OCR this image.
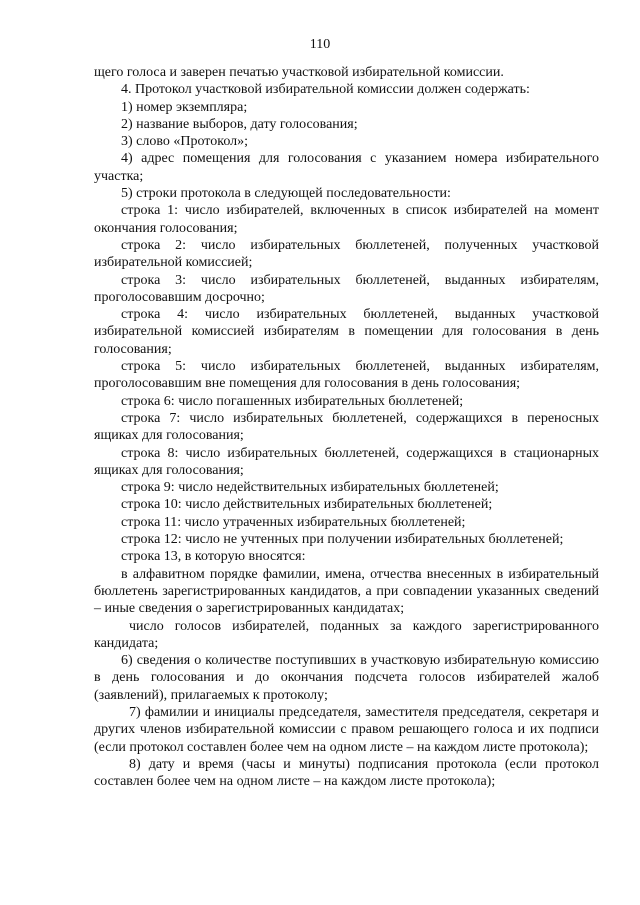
110

щего голоса и заверен печатью участковой избирательной комиссии.

4. Протокол участковой избирательной комиссии должен содержать:

1) номер экземпляра;

2) название выборов, дату голосования;

3) слово «Протокол»;

4) адрес помещения для голосования с указанием номера избирательного участка;

5) строки протокола в следующей последовательности:

строка 1: число избирателей, включенных в список избирателей на момент окончания голосования;

строка 2: число избирательных бюллетеней, полученных участковой избирательной комиссией;

строка 3: число избирательных бюллетеней, выданных избирателям, проголосовавшим досрочно;

строка 4: число избирательных бюллетеней, выданных участковой избирательной комиссией избирателям в помещении для голосования в день голосования;

строка 5: число избирательных бюллетеней, выданных избирателям, проголосовавшим вне помещения для голосования в день голосования;

строка 6: число погашенных избирательных бюллетеней;

строка 7: число избирательных бюллетеней, содержащихся в переносных ящиках для голосования;

строка 8: число избирательных бюллетеней, содержащихся в стационарных ящиках для голосования;

строка 9: число недействительных избирательных бюллетеней;

строка 10: число действительных избирательных бюллетеней;

строка 11: число утраченных избирательных бюллетеней;

строка 12: число не учтенных при получении избирательных бюллетеней;

строка 13, в которую вносятся:

в алфавитном порядке фамилии, имена, отчества внесенных в избирательный бюллетень зарегистрированных кандидатов, а при совпадении указанных сведений – иные сведения о зарегистрированных кандидатах;

число голосов избирателей, поданных за каждого зарегистрированного кандидата;

6) сведения о количестве поступивших в участковую избирательную комиссию в день голосования и до окончания подсчета голосов избирателей жалоб (заявлений), прилагаемых к протоколу;

7) фамилии и инициалы председателя, заместителя председателя, секретаря и других членов избирательной комиссии с правом решающего голоса и их подписи (если протокол составлен более чем на одном листе – на каждом листе протокола);

8) дату и время (часы и минуты) подписания протокола (если протокол составлен более чем на одном листе – на каждом листе протокола);
